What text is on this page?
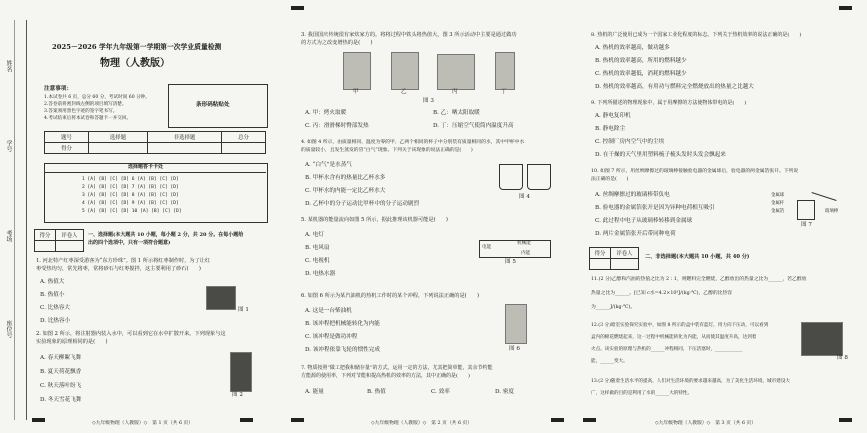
姓名
学号
考场
座位号
2025－2026 学年九年级第一学期第一次学业质量检测
物理（人教版）
注意事项：
1.本试卷共 6 页，总分 60 分，考试时间 60 分钟。
2.答卷前将密封线左侧的项目填写清楚。
3.答案须用黑色字迹的签字笔书写。
4.考试结束后将本试卷和答题卡一并交回。
条形码粘贴处
题号	选择题	非选择题	总分
得分			
选择题答卡卡处
1 [A] [B] [C] [D] 6 [A] [B] [C] [D]
2 [A] [B] [C] [D] 7 [A] [B] [C] [D]
3 [A] [B] [C] [D] 8 [A] [B] [C] [D]
4 [A] [B] [C] [D] 9 [A] [B] [C] [D]
5 [A] [B] [C] [D] 10 [A] [B] [C] [D]
得分	评卷人
	一、选择题(本大题共 10 小题，每小题 2 分，共 20 分。在每小题给
出的四个选项中，只有一项符合题意)
1. 河北特产红枣深受游客为“东方珍珠”。图 1 所示将红枣制作时，为了让红
枣受热均匀，常先将枣，常将砂石与红枣搅拌，这主要利用了砂石(　　)
A. 热值大
B. 热值小
C. 比热容大
D. 比热容小
图 1
2. 如图 2 所示，将注射器内装入水中，可以看到它在水中扩散开来。下列现象与这
实验现象的原理相同的是(　　)
A. 春天柳絮飞舞
B. 夏天荷花飘香
C. 秋天落叶纷飞
D. 冬天雪花飞舞
图 2
◇九年级物理（人教版）◇　第 1 页（共 6 页）
3. 我国国庆传统很有家炊家方的。将将过程中铁头将热值大，图 3 所示活动中主要是通过做功
的方式为之改变增热的是(　　)
甲	乙	丙	丁
图 3
A. 甲：烤火取暖	B. 乙：晒太阳取暖
C. 丙：滑滑梯时臀部发热	D. 丁：压缩空气使筒内温度升高
4. 如图 4 所示，由质量相同、温度为零的甲、乙两个相同的杯子中分别装有质量相同的水，其中甲杯中水
的质量较小，且发生蒸发的冒“白气”现象。下列关于该现象的说法正确的是(　　)
A. “白气”是水蒸气
B. 甲杯水含有的热量比乙杯水多
C. 甲杯水的内能一定比乙杯水大
D. 乙杯中的分子运动比甲杯中的分子运动剧烈
图 4
5. 某机器的能量流向如图 5 所示，据此推理该机器可能是(　　)
A. 电灯
B. 电风扇
C. 电视机
D. 电热水器
电能
机械能
内能
图 5
6. 如图 6 所示为某汽油机的热机工作时的某个冲程，下列说法正确的是(　　)
A. 这是一台柴油机
B. 该冲程把机械能转化为内能
C. 该冲程是做功冲程
D. 该冲程依靠飞轮的惯性完成	图 6
7. 物质按照“做工把我和储存量”的方式，运用一定的方法，尤其把简单能，其余节约能
方能源的使用率，下列对节能和提高热机的效率的方法，其中正确的是(　　)
A. 能量	B. 热值	C. 效率	D. 密度
◇九年级物理（人教版）◇　第 2 页（共 6 页）
8. 热机的广泛使用已成为一个国家工业化程度的标志。下列关于热机效率的说法正确的是(　　)
A. 热机的效率越高，做功越多
B. 热机的效率越高，所用的燃料越少
C. 热机的效率越低，消耗的燃料越少
D. 热机的效率越高，有用功与燃料完全燃烧放出的热量之比越大
9. 下列所描述的物理现象中，属于用摩擦的方法使物体带电的是(　　)
A. 静电复印机
B. 静电除尘
C. 控制厂房内空气中的尘埃
D. 在干燥的天气里用塑料梳子梳头发时头发会飘起来
10. 如图 7 所示，用丝绸摩擦过的玻璃棒接触验电器的金属球后，验电器的两金属箔张开。下列说
法正确的是(　　)
A. 丝绸摩擦过的玻璃棒带负电
B. 验电器的金属箔张开是因为异种电荷相互吸引
C. 此过程中电子从玻璃棒转移到金属球
D. 两片金属箔张开后带同种电荷
金属球
金属杆
金属箔	玻璃棒
图 7
得分	评卷人
	二、非选择题(本大题共 10 小题，共 40 分)
11.(2 分)乙醇和汽油的热值之比为 2∶1，则燃料完全燃烧，乙醇放出的热量之比为______，若乙醇放
热量之比为______。[已知 c水=4.2×10³J/(kg·℃)，乙醇的比热容
为______J/(kg·℃)。
12.(3 分)暗室实验探究实验中，如图 8 所示的盒中装有蓝灯，用力向下压动，可以看到
盒内的棉花燃烧起来，这一过程中机械能转化为内能，从而使其温度升高，达到着
火点。该实验的原理与热机的______冲程相同，下压活塞时，____________
能，______变大。
图 8
13.(2 分)随着生活水平的提高，人们对生活环境的要求越来越高，为了美化生活环境，城市建设大
广，这样做的目的是利用了水的______大的特性。
◇九年级物理（人教版）◇　第 3 页（共 6 页）
